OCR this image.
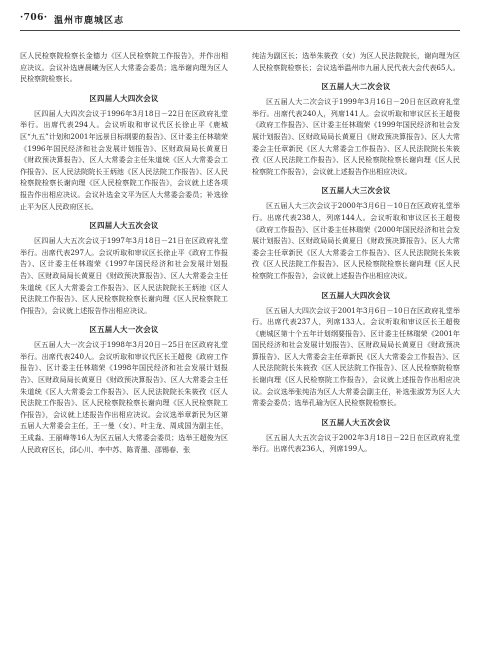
·706· 温州市鹿城区志

区人民检察院检察长金德力《区人民检察院工作报告》，并作出相应决议。会议补选唐晨曦为区人大常委会委员；选举谢向理为区人民检察院检察长。

区四届人大四次会议

区四届人大四次会议于1996年3月18日－22日在区政府礼堂举行。出席代表294人。会议听取和审议代区长徐止平《鹿城区“九五”计划和2001年远景目标纲要的报告》、区计委主任林瑞荣《1996年国民经济和社会发展计划报告》、区财政局局长黄夏日《财政预决算报告》、区人大常委会主任朱道统《区人大常委会工作报告》、区人民法院院长王炳池《区人民法院工作报告》、区人民检察院检察长谢向理《区人民检察院工作报告》，会议就上述各项报告作出相应决议。会议补选金文平为区人大常委会委员；补选徐止平为区人民政府区长。

区四届人大五次会议

区四届人大五次会议于1997年3月18日－21日在区政府礼堂举行。出席代表297人。会议听取和审议区长徐止平《政府工作报告》、区计委主任林瑞荣《1997年国民经济和社会发展计划报告》、区财政局局长黄夏日《财政预决算报告》、区人大常委会主任朱道统《区人大常委会工作报告》、区人民法院院长王炳池《区人民法院工作报告》、区人民检察院检察长谢向理《区人民检察院工作报告》，会议就上述报告作出相应决议。

区五届人大一次会议

区五届人大一次会议于1998年3月20日－25日在区政府礼堂举行。出席代表240人。会议听取和审议代区长王超俊《政府工作报告》、区计委主任林瑞荣《1998年国民经济和社会发展计划报告》、区财政局局长黄夏日《财政预决算报告》、区人大常委会主任朱道统《区人大常委会工作报告》、区人民法院院长朱筱孜《区人民法院工作报告》、区人民检察院检察长谢向理《区人民检察院工作报告》，会议就上述报告作出相应决议。会议选举章新民为区第五届人大常委会主任，王一曼（女）、叶主龙、周成国为副主任，王成淼、王丽峰等16人为区五届人大常委会委员；选举王超俊为区人民政府区长，邱心川、李中苏、陈青墨、邵锡春、张

纯洁为副区长；选举朱筱孜（女）为区人民法院院长，谢向理为区人民检察院检察长；会议选举温州市九届人民代表大会代表65人。

区五届人大二次会议

区五届人大二次会议于1999年3月16日－20日在区政府礼堂举行。出席代表240人，列席141人。会议听取和审议区长王超俊《政府工作报告》、区计委主任林瑞荣《1999年国民经济和社会发展计划报告》、区财政局局长黄夏日《财政预决算报告》、区人大常委会主任章新民《区人大常委会工作报告》、区人民法院院长朱筱孜《区人民法院工作报告》、区人民检察院检察长谢向理《区人民检察院工作报告》，会议就上述报告作出相应决议。

区五届人大三次会议

区五届人大三次会议于2000年3月6日－10日在区政府礼堂举行。出席代表238人，列席144人。会议听取和审议区长王超俊《政府工作报告》、区计委主任林瑞荣《2000年国民经济和社会发展计划报告》、区财政局局长黄夏日《财政预决算报告》、区人大常委会主任章新民《区人大常委会工作报告》、区人民法院院长朱筱孜《区人民法院工作报告》、区人民检察院检察长谢向理《区人民检察院工作报告》，会议就上述报告作出相应决议。

区五届人大四次会议

区五届人大四次会议于2001年3月6日－10日在区政府礼堂举行。出席代表237人，列席133人。会议听取和审议区长王超俊《鹿城区第十个五年计划纲要报告》、区计委主任林瑞荣《2001年国民经济和社会发展计划报告》、区财政局局长黄夏日《财政预决算报告》、区人大常委会主任章新民《区人大常委会工作报告》、区人民法院院长朱筱孜《区人民法院工作报告》、区人民检察院检察长谢向理《区人民检察院工作报告》，会议就上述报告作出相应决议。会议选举张纯洁为区人大常委会副主任，补选张淑芳为区人大常委会委员；选举孔瑜为区人民检察院检察长。

区五届人大五次会议

区五届人大五次会议于2002年3月18日－22日在区政府礼堂举行。出席代表236人，列席199人。
